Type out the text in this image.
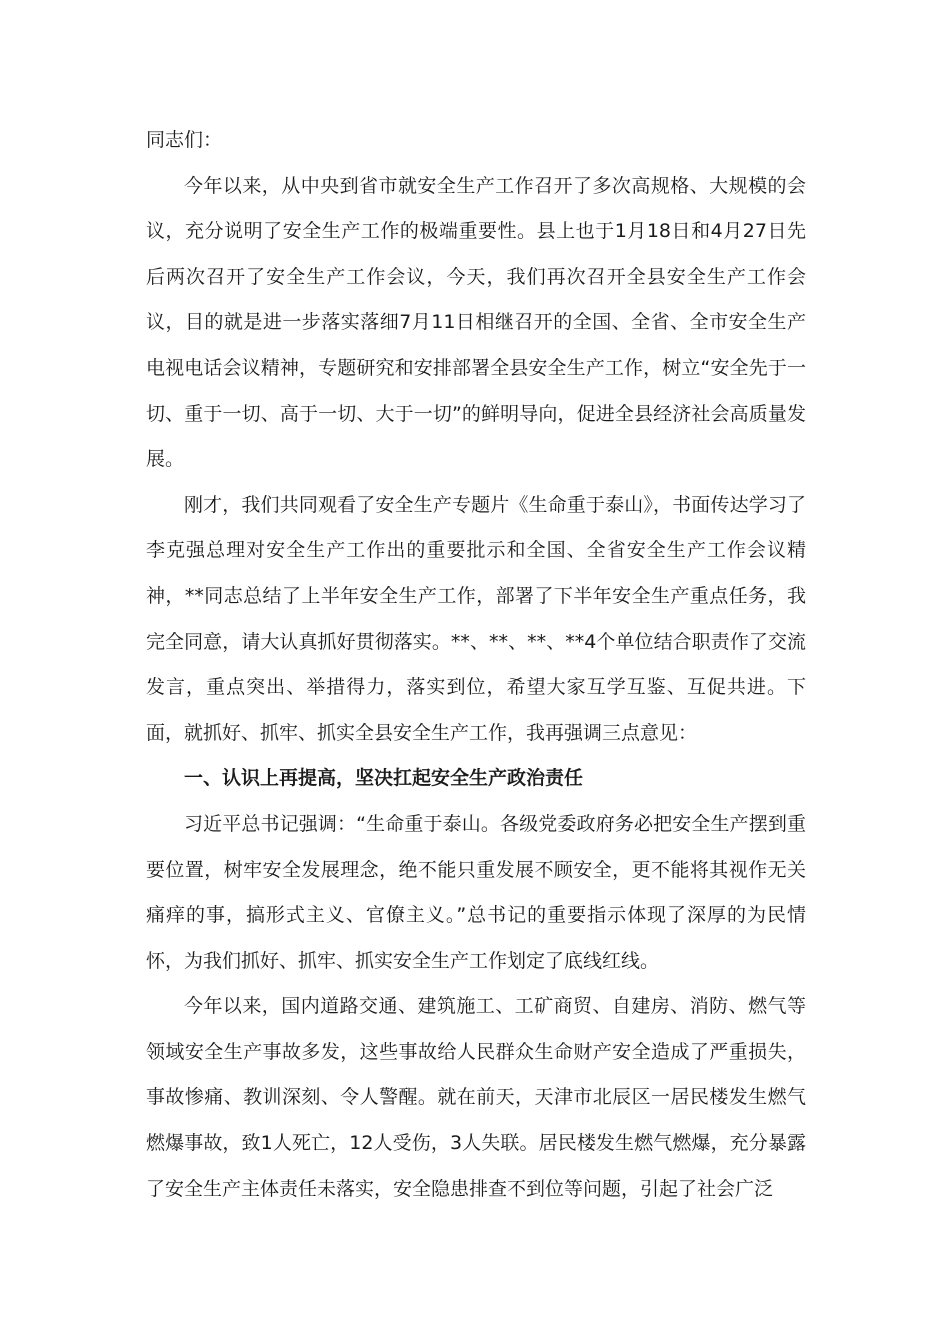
同志们：

今年以来，从中央到省市就安全生产工作召开了多次高规格、大规模的会议，充分说明了安全生产工作的极端重要性。县上也于1月18日和4月27日先后两次召开了安全生产工作会议，今天，我们再次召开全县安全生产工作会议，目的就是进一步落实落细7月11日相继召开的全国、全省、全市安全生产电视电话会议精神，专题研究和安排部署全县安全生产工作，树立“安全先于一切、重于一切、高于一切、大于一切”的鲜明导向，促进全县经济社会高质量发展。

刚才，我们共同观看了安全生产专题片《生命重于泰山》，书面传达学习了李克强总理对安全生产工作出的重要批示和全国、全省安全生产工作会议精神，**同志总结了上半年安全生产工作，部署了下半年安全生产重点任务，我完全同意，请大认真抓好贯彻落实。**、**、**、**4个单位结合职责作了交流发言，重点突出、举措得力，落实到位，希望大家互学互鉴、互促共进。下面，就抓好、抓牢、抓实全县安全生产工作，我再强调三点意见：

一、认识上再提高，坚决扛起安全生产政治责任

习近平总书记强调：“生命重于泰山。各级党委政府务必把安全生产摆到重要位置，树牢安全发展理念，绝不能只重发展不顾安全，更不能将其视作无关痛痒的事，搞形式主义、官僚主义。”总书记的重要指示体现了深厚的为民情怀，为我们抓好、抓牢、抓实安全生产工作划定了底线红线。

今年以来，国内道路交通、建筑施工、工矿商贸、自建房、消防、燃气等领域安全生产事故多发，这些事故给人民群众生命财产安全造成了严重损失，事故惨痛、教训深刻、令人警醒。就在前天，天津市北辰区一居民楼发生燃气燃爆事故，致1人死亡，12人受伤，3人失联。居民楼发生燃气燃爆，充分暴露了安全生产主体责任未落实，安全隐患排查不到位等问题，引起了社会广泛
